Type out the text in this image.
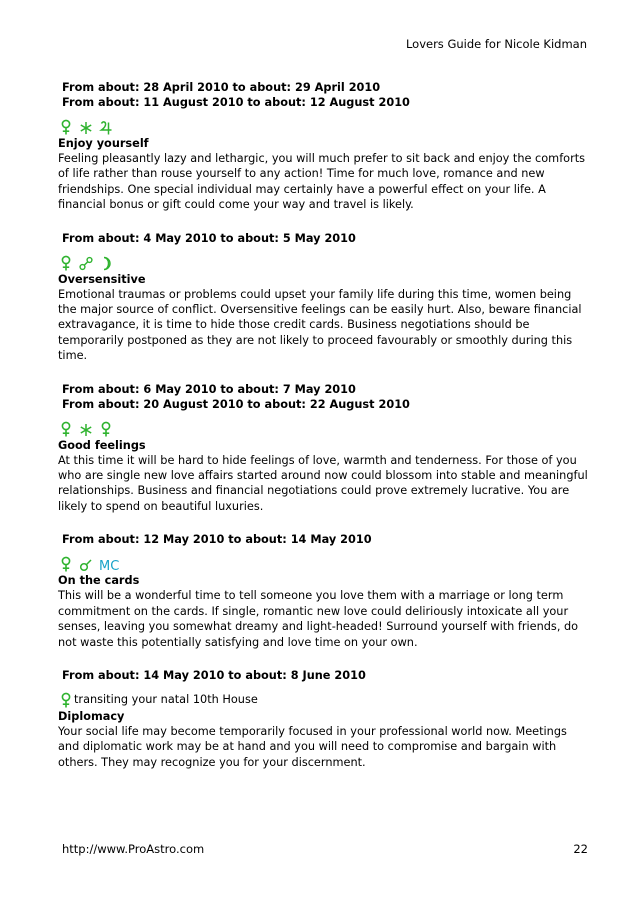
Lovers Guide for Nicole Kidman
From about: 28 April 2010 to about: 29 April 2010
From about: 11 August 2010 to about: 12 August 2010
Enjoy yourself
Feeling pleasantly lazy and lethargic, you will much prefer to sit back and enjoy the comforts of life rather than rouse yourself to any action! Time for much love, romance and new friendships. One special individual may certainly have a powerful effect on your life. A financial bonus or gift could come your way and travel is likely.
From about: 4 May 2010 to about: 5 May 2010
Oversensitive
Emotional traumas or problems could upset your family life during this time, women being the major source of conflict. Oversensitive feelings can be easily hurt. Also, beware financial extravagance, it is time to hide those credit cards. Business negotiations should be temporarily postponed as they are not likely to proceed favourably or smoothly during this time.
From about: 6 May 2010 to about: 7 May 2010
From about: 20 August 2010 to about: 22 August 2010
Good feelings
At this time it will be hard to hide feelings of love, warmth and tenderness. For those of you who are single new love affairs started around now could blossom into stable and meaningful relationships. Business and financial negotiations could prove extremely lucrative. You are likely to spend on beautiful luxuries.
From about: 12 May 2010 to about: 14 May 2010
MC
On the cards
This will be a wonderful time to tell someone you love them with a marriage or long term commitment on the cards. If single, romantic new love could deliriously intoxicate all your senses, leaving you somewhat dreamy and light-headed! Surround yourself with friends, do not waste this potentially satisfying and love time on your own.
From about: 14 May 2010 to about: 8 June 2010
transiting your natal 10th House
Diplomacy
Your social life may become temporarily focused in your professional world now. Meetings and diplomatic work may be at hand and you will need to compromise and bargain with others. They may recognize you for your discernment.
http://www.ProAstro.com	22
